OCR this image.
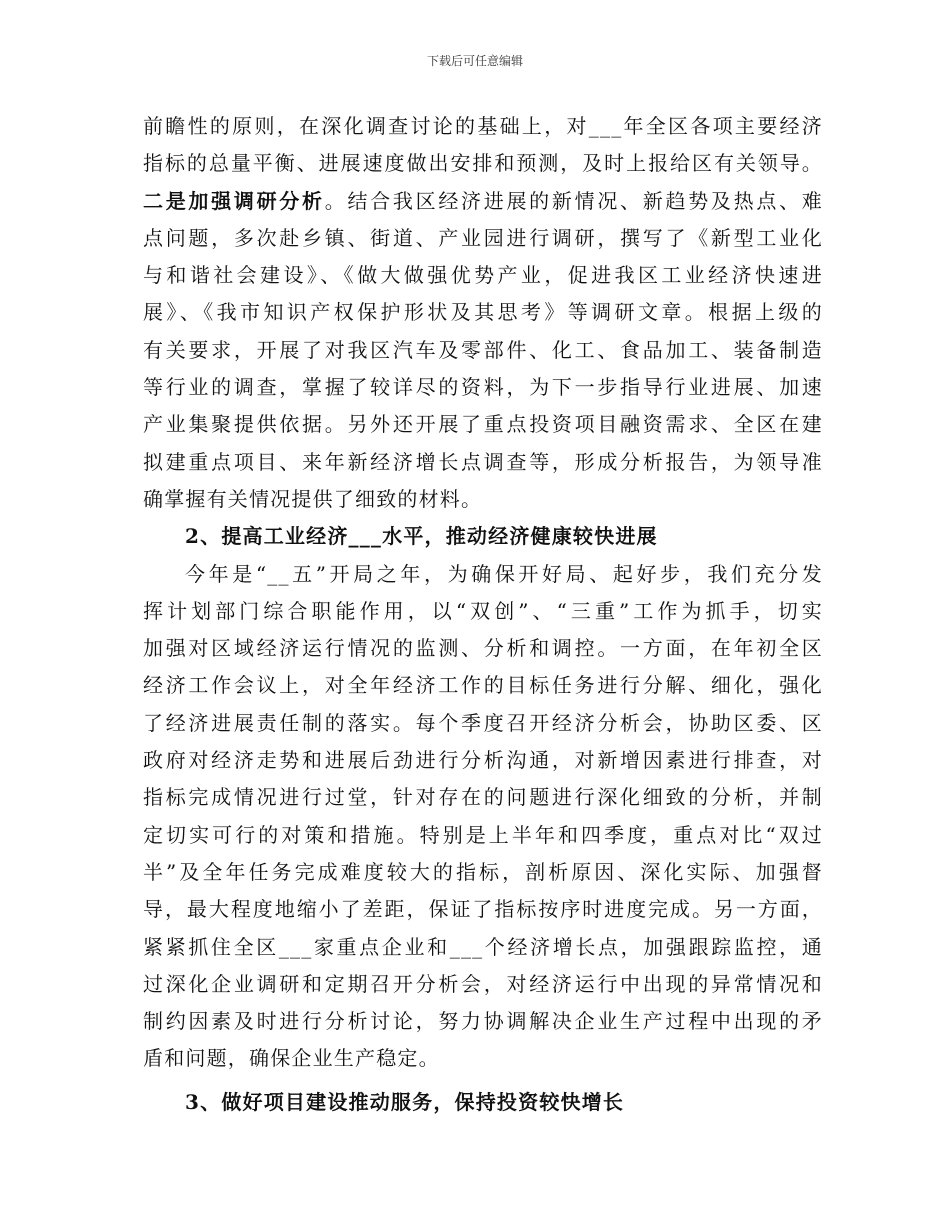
下载后可任意编辑
前瞻性的原则，在深化调查讨论的基础上，对___年全区各项主要经济
指标的总量平衡、进展速度做出安排和预测，及时上报给区有关领导。
二是加强调研分析。结合我区经济进展的新情况、新趋势及热点、难
点问题，多次赴乡镇、街道、产业园进行调研，撰写了《新型工业化
与和谐社会建设》、《做大做强优势产业，促进我区工业经济快速进
展》、《我市知识产权保护形状及其思考》等调研文章。根据上级的
有关要求，开展了对我区汽车及零部件、化工、食品加工、装备制造
等行业的调查，掌握了较详尽的资料，为下一步指导行业进展、加速
产业集聚提供依据。另外还开展了重点投资项目融资需求、全区在建
拟建重点项目、来年新经济增长点调查等，形成分析报告，为领导准
确掌握有关情况提供了细致的材料。
2、提高工业经济___水平，推动经济健康较快进展
今年是“__五”开局之年，为确保开好局、起好步，我们充分发
挥计划部门综合职能作用，以“双创”、“三重”工作为抓手，切实
加强对区域经济运行情况的监测、分析和调控。一方面，在年初全区
经济工作会议上，对全年经济工作的目标任务进行分解、细化，强化
了经济进展责任制的落实。每个季度召开经济分析会，协助区委、区
政府对经济走势和进展后劲进行分析沟通，对新增因素进行排查，对
指标完成情况进行过堂，针对存在的问题进行深化细致的分析，并制
定切实可行的对策和措施。特别是上半年和四季度，重点对比“双过
半”及全年任务完成难度较大的指标，剖析原因、深化实际、加强督
导，最大程度地缩小了差距，保证了指标按序时进度完成。另一方面，
紧紧抓住全区___家重点企业和___个经济增长点，加强跟踪监控，通
过深化企业调研和定期召开分析会，对经济运行中出现的异常情况和
制约因素及时进行分析讨论，努力协调解决企业生产过程中出现的矛
盾和问题，确保企业生产稳定。
3、做好项目建设推动服务，保持投资较快增长
